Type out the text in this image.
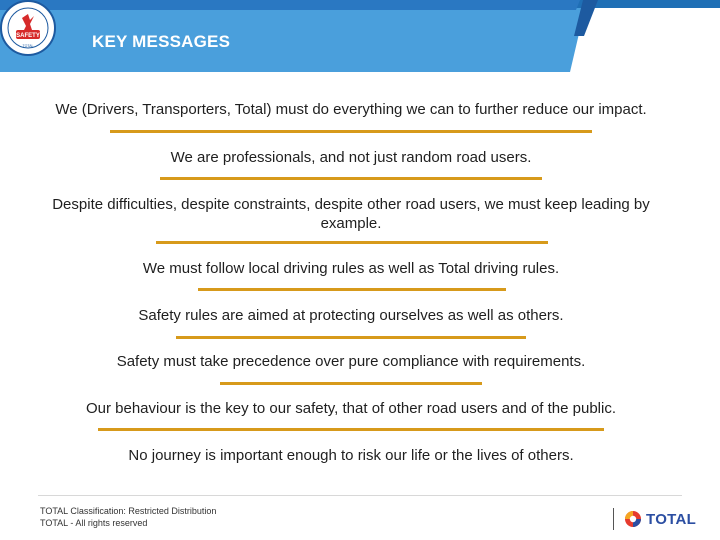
SAFETY
TOTAL	KEY MESSAGES
We (Drivers, Transporters, Total) must do everything we can to further reduce our impact.
We are professionals, and not just random road users.
Despite difficulties, despite constraints, despite other road users, we must keep leading by example.
We must follow local driving rules as well as Total driving rules.
Safety rules are aimed at protecting ourselves as well as others.
Safety must take precedence over pure compliance with requirements.
Our behaviour is the key to our safety, that of other road users and of the public.
No journey is important enough to risk our life or the lives of others.
TOTAL Classification: Restricted Distribution
TOTAL - All rights reserved	TOTAL
